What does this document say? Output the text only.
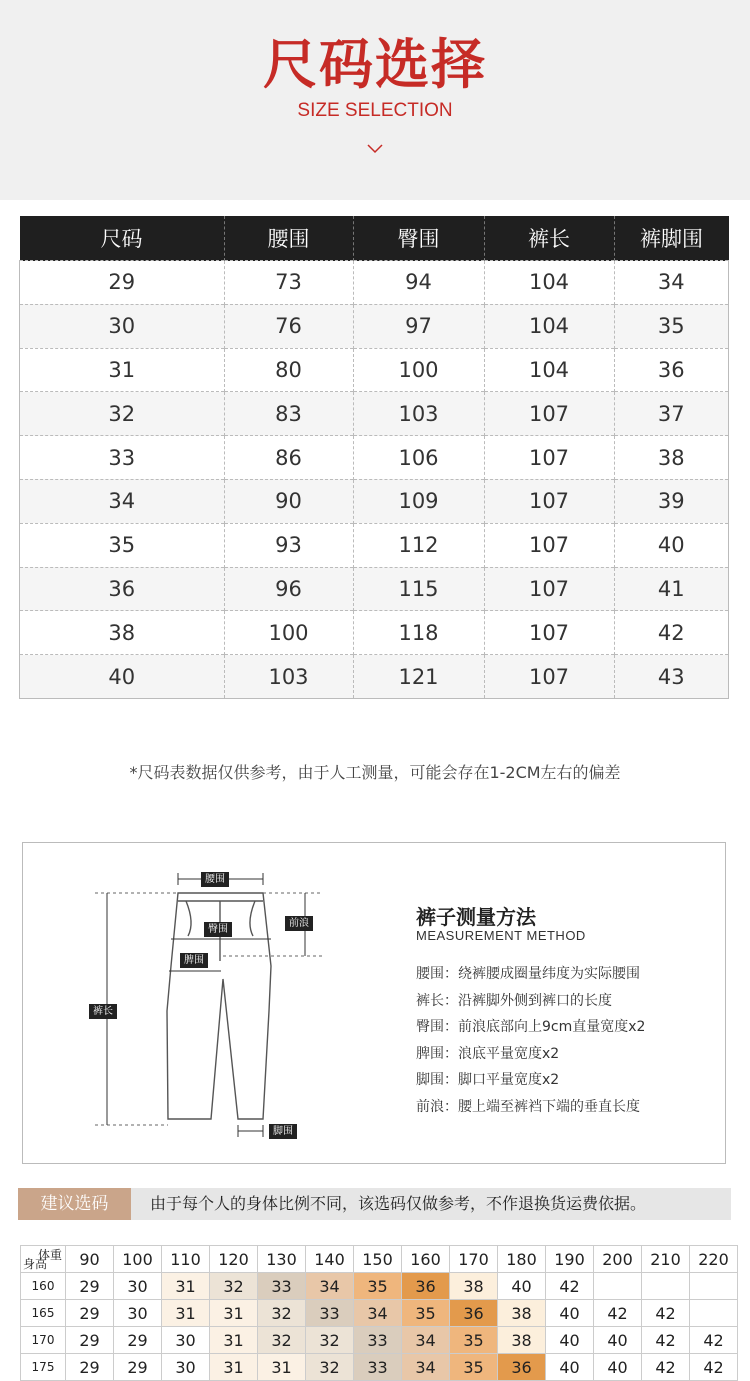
尺码选择
SIZE SELECTION
尺码	腰围	臀围	裤长	裤脚围
29	73	94	104	34
30	76	97	104	35
31	80	100	104	36
32	83	103	107	37
33	86	106	107	38
34	90	109	107	39
35	93	112	107	40
36	96	115	107	41
38	100	118	107	42
40	103	121	107	43
*尺码表数据仅供参考，由于人工测量，可能会存在1-2CM左右的偏差
腰围
臀围
前浪
脾围
裤长
脚围
裤子测量方法
MEASUREMENT METHOD
腰围：绕裤腰成圈量纬度为实际腰围
裤长：沿裤脚外侧到裤口的长度
臀围：前浪底部向上9cm直量宽度x2
脾围：浪底平量宽度x2
脚围：脚口平量宽度x2
前浪：腰上端至裤裆下端的垂直长度
建议选码	由于每个人的身体比例不同，该选码仅做参考，不作退换货运费依据。
体重
身高	90	100	110	120	130	140	150	160	170	180	190	200	210	220
160	29	30	31	32	33	34	35	36	38	40	42			
165	29	30	31	31	32	33	34	35	36	38	40	42	42	
170	29	29	30	31	32	32	33	34	35	38	40	40	42	42
175	29	29	30	31	31	32	33	34	35	36	40	40	42	42
